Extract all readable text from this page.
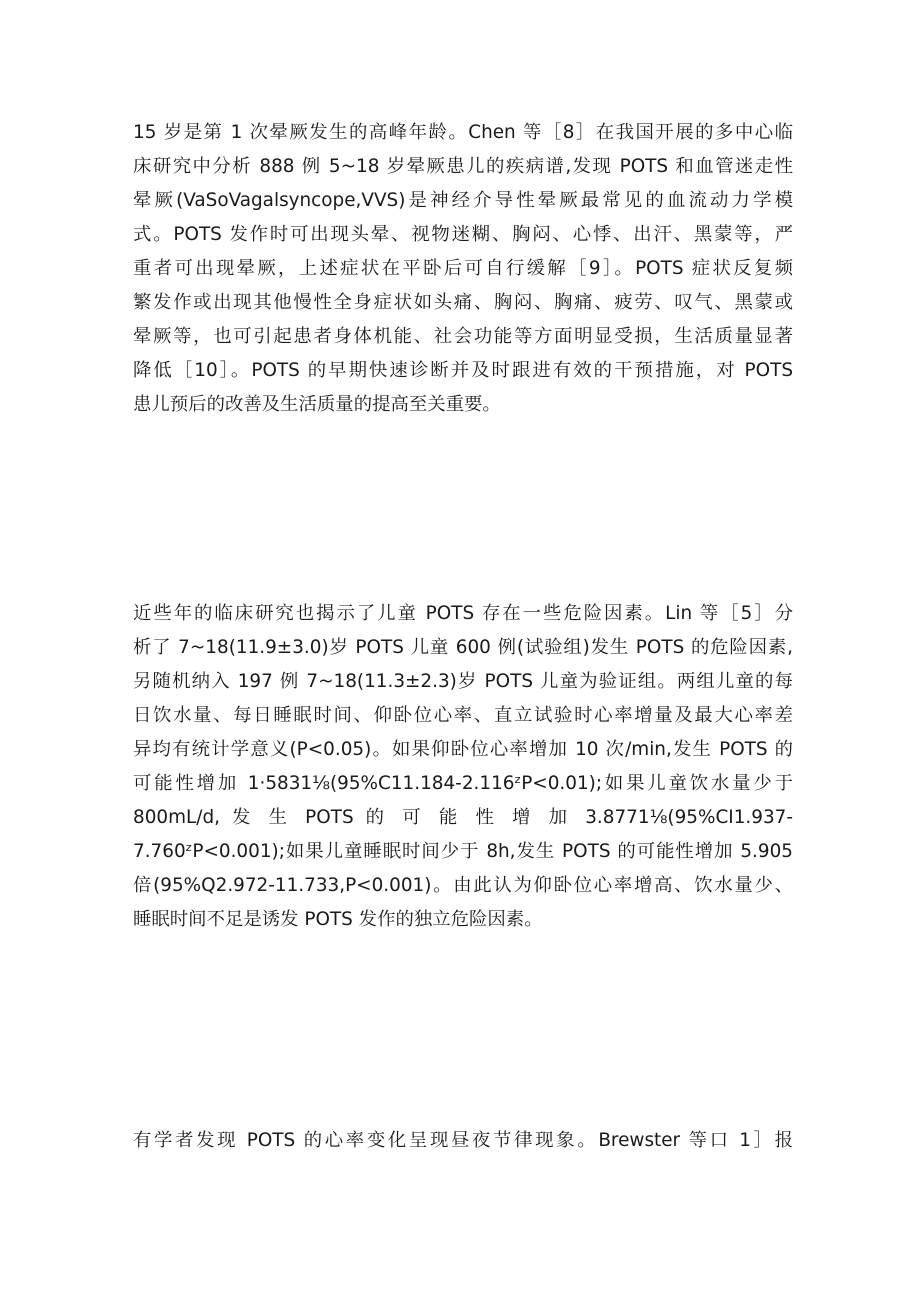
15 岁是第 1 次晕厥发生的高峰年龄。Chen 等［8］在我国开展的多中心临
床研究中分析 888 例 5~18 岁晕厥患儿的疾病谱,发现 POTS 和血管迷走性
晕厥(VaSoVagalsyncope,VVS)是神经介导性晕厥最常见的血流动力学模
式。POTS 发作时可出现头晕、视物迷糊、胸闷、心悸、出汗、黑蒙等，严
重者可出现晕厥，上述症状在平卧后可自行缓解［9］。POTS 症状反复频
繁发作或出现其他慢性全身症状如头痛、胸闷、胸痛、疲劳、叹气、黑蒙或
晕厥等，也可引起患者身体机能、社会功能等方面明显受损，生活质量显著
降低［10］。POTS 的早期快速诊断并及时跟进有效的干预措施，对 POTS
患儿预后的改善及生活质量的提高至关重要。
近些年的临床研究也揭示了儿童 POTS 存在一些危险因素。Lin 等［5］分
析了 7~18(11.9±3.0)岁 POTS 儿童 600 例(试验组)发生 POTS 的危险因素,
另随机纳入 197 例 7~18(11.3±2.3)岁 POTS 儿童为验证组。两组儿童的每
日饮水量、每日睡眠时间、仰卧位心率、直立试验时心率增量及最大心率差
异均有统计学意义(P<0.05)。如果仰卧位心率增加 10 次/min,发生 POTS 的
可能性增加 1·5831⅛(95%C11.184-2.116ᶻP<0.01);如果儿童饮水量少于
800mL/d, 发 生 POTS 的 可 能 性 增 加 3.8771⅛(95%CI1.937-
7.760ᶻP<0.001);如果儿童睡眠时间少于 8h,发生 POTS 的可能性增加 5.905
倍(95%Q2.972-11.733,P<0.001)。由此认为仰卧位心率增高、饮水量少、
睡眠时间不足是诱发 POTS 发作的独立危险因素。
有学者发现 POTS 的心率变化呈现昼夜节律现象。Brewster 等口 1］报
